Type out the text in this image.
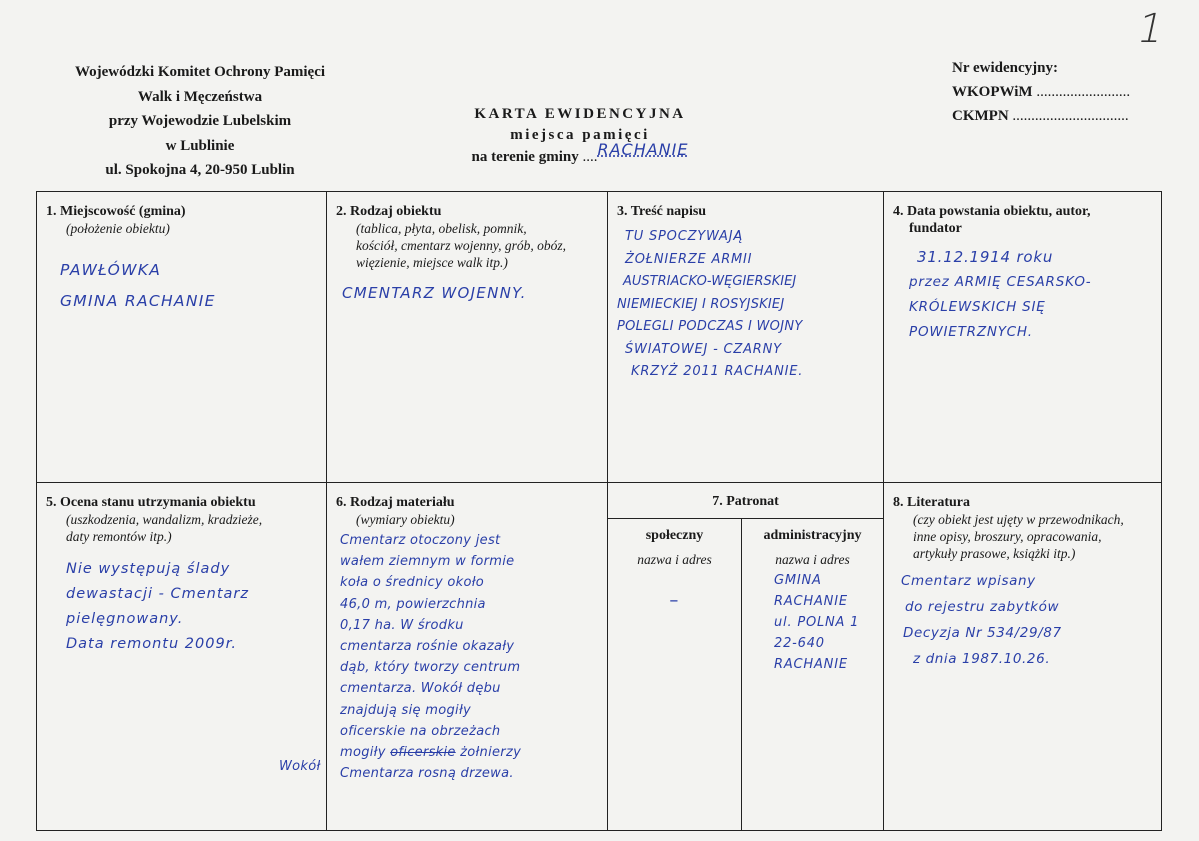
1
Wojewódzki Komitet Ochrony Pamięci
Walk i Męczeństwa
przy Wojewodzie Lubelskim
w Lublinie
ul. Spokojna 4, 20-950 Lublin
KARTA EWIDENCYJNA
miejsca pamięci
na terenie gminy ....RACHANIE
Nr ewidencyjny:
WKOPWiM .........................
CKMPN ...............................
1. Miejscowość (gmina)
(położenie obiektu)
PAWŁÓWKA
GMINA RACHANIE
2. Rodzaj obiektu
(tablica, płyta, obelisk, pomnik,
kościół, cmentarz wojenny, grób, obóz,
więzienie, miejsce walk itp.)
CMENTARZ WOJENNY.
3. Treść napisu
TU SPOCZYWAJĄ
ŻOŁNIERZE ARMII
AUSTRIACKO-WĘGIERSKIEJ
NIEMIECKIEJ I ROSYJSKIEJ
POLEGLI PODCZAS I WOJNY
ŚWIATOWEJ - CZARNY
KRZYŻ 2011 RACHANIE.
4. Data powstania obiektu, autor,
fundator
31.12.1914 roku
przez ARMIĘ CESARSKO-
KRÓLEWSKICH SIĘ
POWIETRZNYCH.
5. Ocena stanu utrzymania obiektu
(uszkodzenia, wandalizm, kradzieże,
daty remontów itp.)
Nie występują ślady
dewastacji - Cmentarz
pielęgnowany.
Data remontu 2009r.
6. Rodzaj materiału
(wymiary obiektu)
Cmentarz otoczony jest
wałem ziemnym w formie
koła o średnicy około
46,0 m, powierzchnia
0,17 ha. W środku
cmentarza rośnie okazały
dąb, który tworzy centrum
cmentarza. Wokół dębu
znajdują się mogiły
oficerskie na obrzeżach
mogiły oficerskie żołnierzy
Cmentarza rosną drzewa.
Wokół
7. Patronat
społeczny
nazwa i adres
–
administracyjny
nazwa i adres
GMINA
RACHANIE
ul. POLNA 1
22-640
RACHANIE
8. Literatura
(czy obiekt jest ujęty w przewodnikach,
inne opisy, broszury, opracowania,
artykuły prasowe, książki itp.)
Cmentarz wpisany
do rejestru zabytków
Decyzja Nr 534/29/87
z dnia 1987.10.26.
